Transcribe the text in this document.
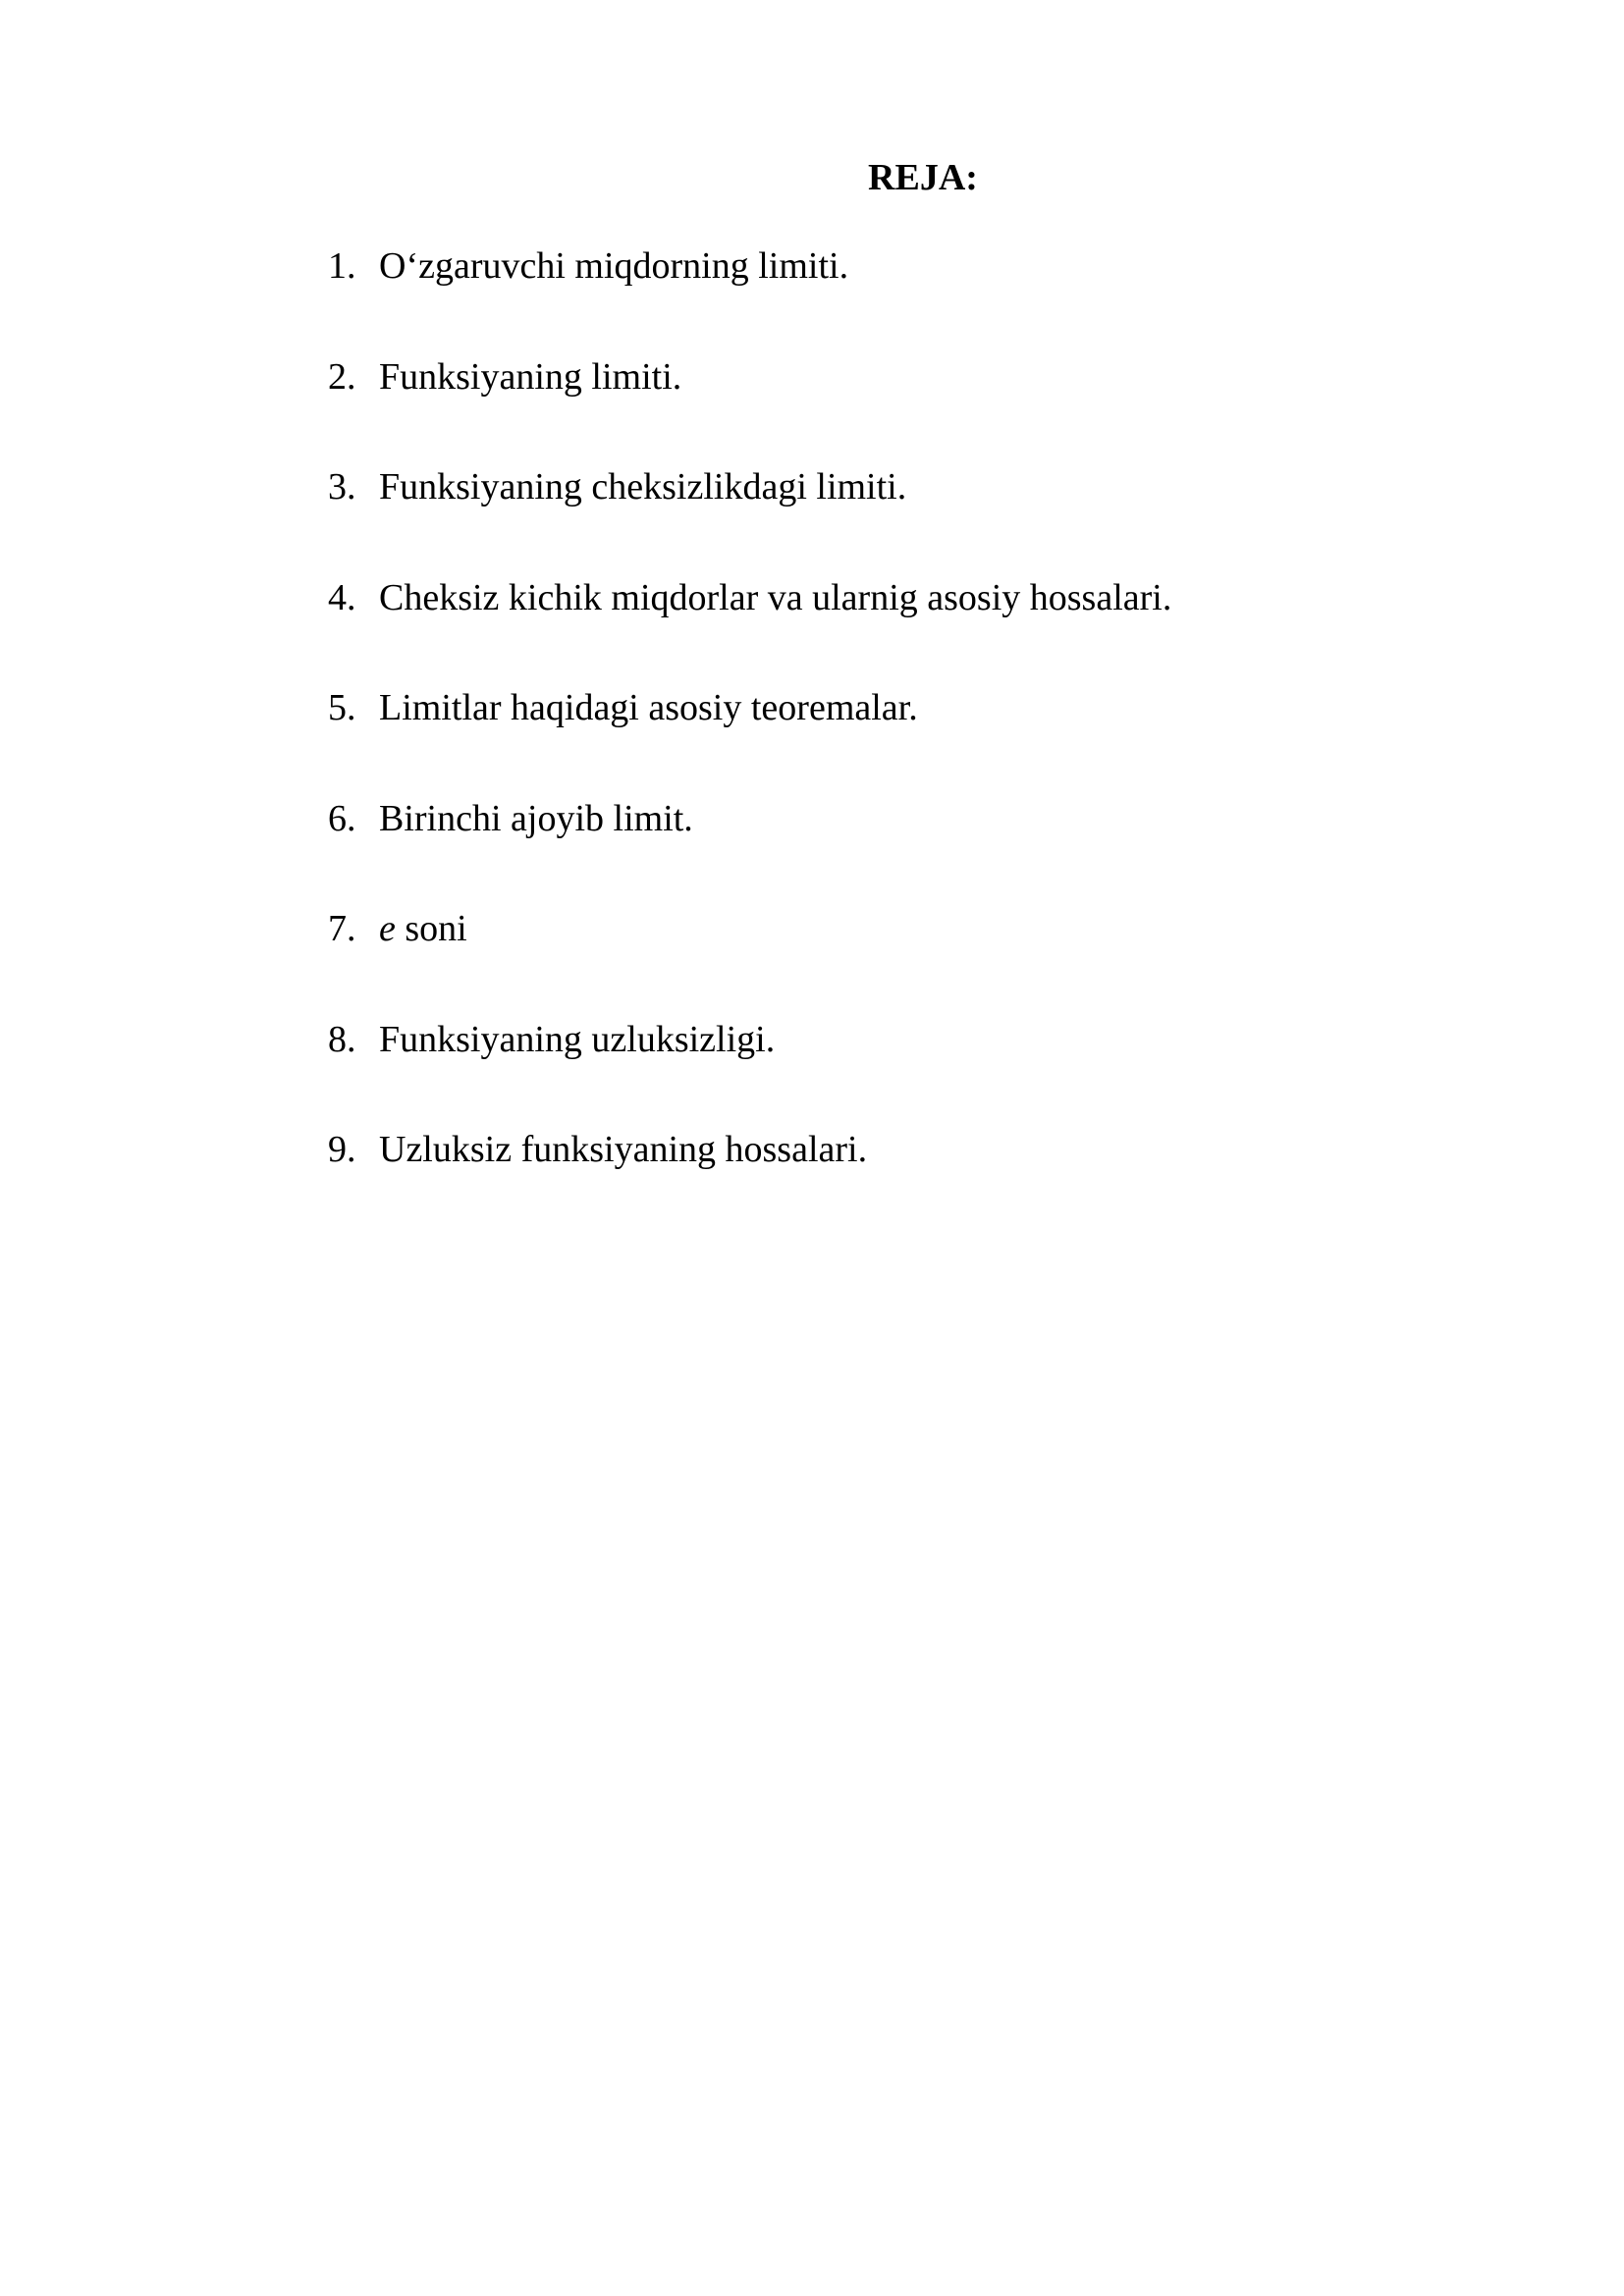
REJA:
1. O‘zgaruvchi miqdorning limiti.
2. Funksiyaning limiti.
3. Funksiyaning cheksizlikdagi limiti.
4. Cheksiz kichik miqdorlar va ularnig asosiy hossalari.
5. Limitlar haqidagi asosiy teoremalar.
6. Birinchi ajoyib limit.
7. e soni
8. Funksiyaning uzluksizligi.
9. Uzluksiz funksiyaning hossalari.
